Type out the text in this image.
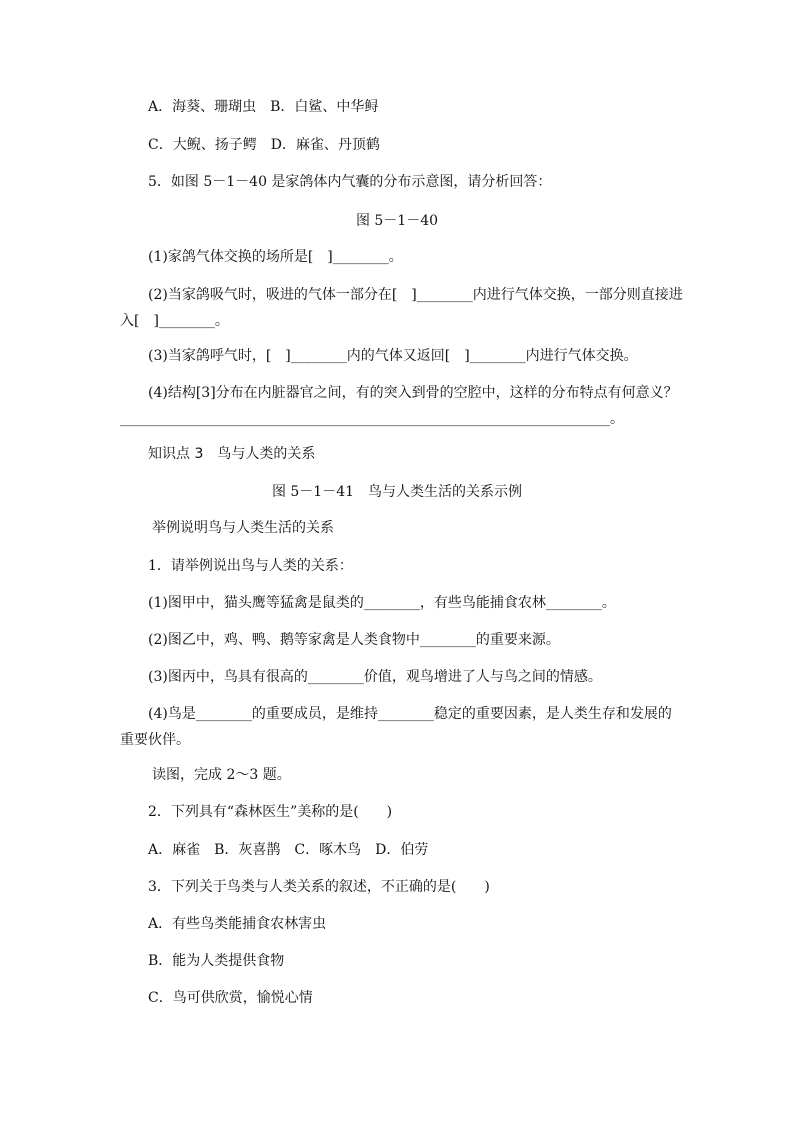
A．海葵、珊瑚虫　B．白鲨、中华鲟
C．大鲵、扬子鳄　D．麻雀、丹顶鹤
5．如图 5－1－40 是家鸽体内气囊的分布示意图，请分析回答：
图 5－1－40
(1)家鸽气体交换的场所是[　]________。
(2)当家鸽吸气时，吸进的气体一部分在[　]________内进行气体交换，一部分则直接进
入[　]________。
(3)当家鸽呼气时，[　]________内的气体又返回[　]________内进行气体交换。
(4)结构[3]分布在内脏器官之间，有的突入到骨的空腔中，这样的分布特点有何意义？
______________________________________________________________________。
知识点 3　鸟与人类的关系
图 5－1－41　鸟与人类生活的关系示例
举例说明鸟与人类生活的关系
1．请举例说出鸟与人类的关系：
(1)图甲中，猫头鹰等猛禽是鼠类的________，有些鸟能捕食农林________。
(2)图乙中，鸡、鸭、鹅等家禽是人类食物中________的重要来源。
(3)图丙中，鸟具有很高的________价值，观鸟增进了人与鸟之间的情感。
(4)鸟是________的重要成员，是维持________稳定的重要因素，是人类生存和发展的
重要伙伴。
读图，完成 2～3 题。
2．下列具有“森林医生”美称的是(　　)
A．麻雀　B．灰喜鹊　C．啄木鸟　D．伯劳
3．下列关于鸟类与人类关系的叙述，不正确的是(　　)
A．有些鸟类能捕食农林害虫
B．能为人类提供食物
C．鸟可供欣赏，愉悦心情
